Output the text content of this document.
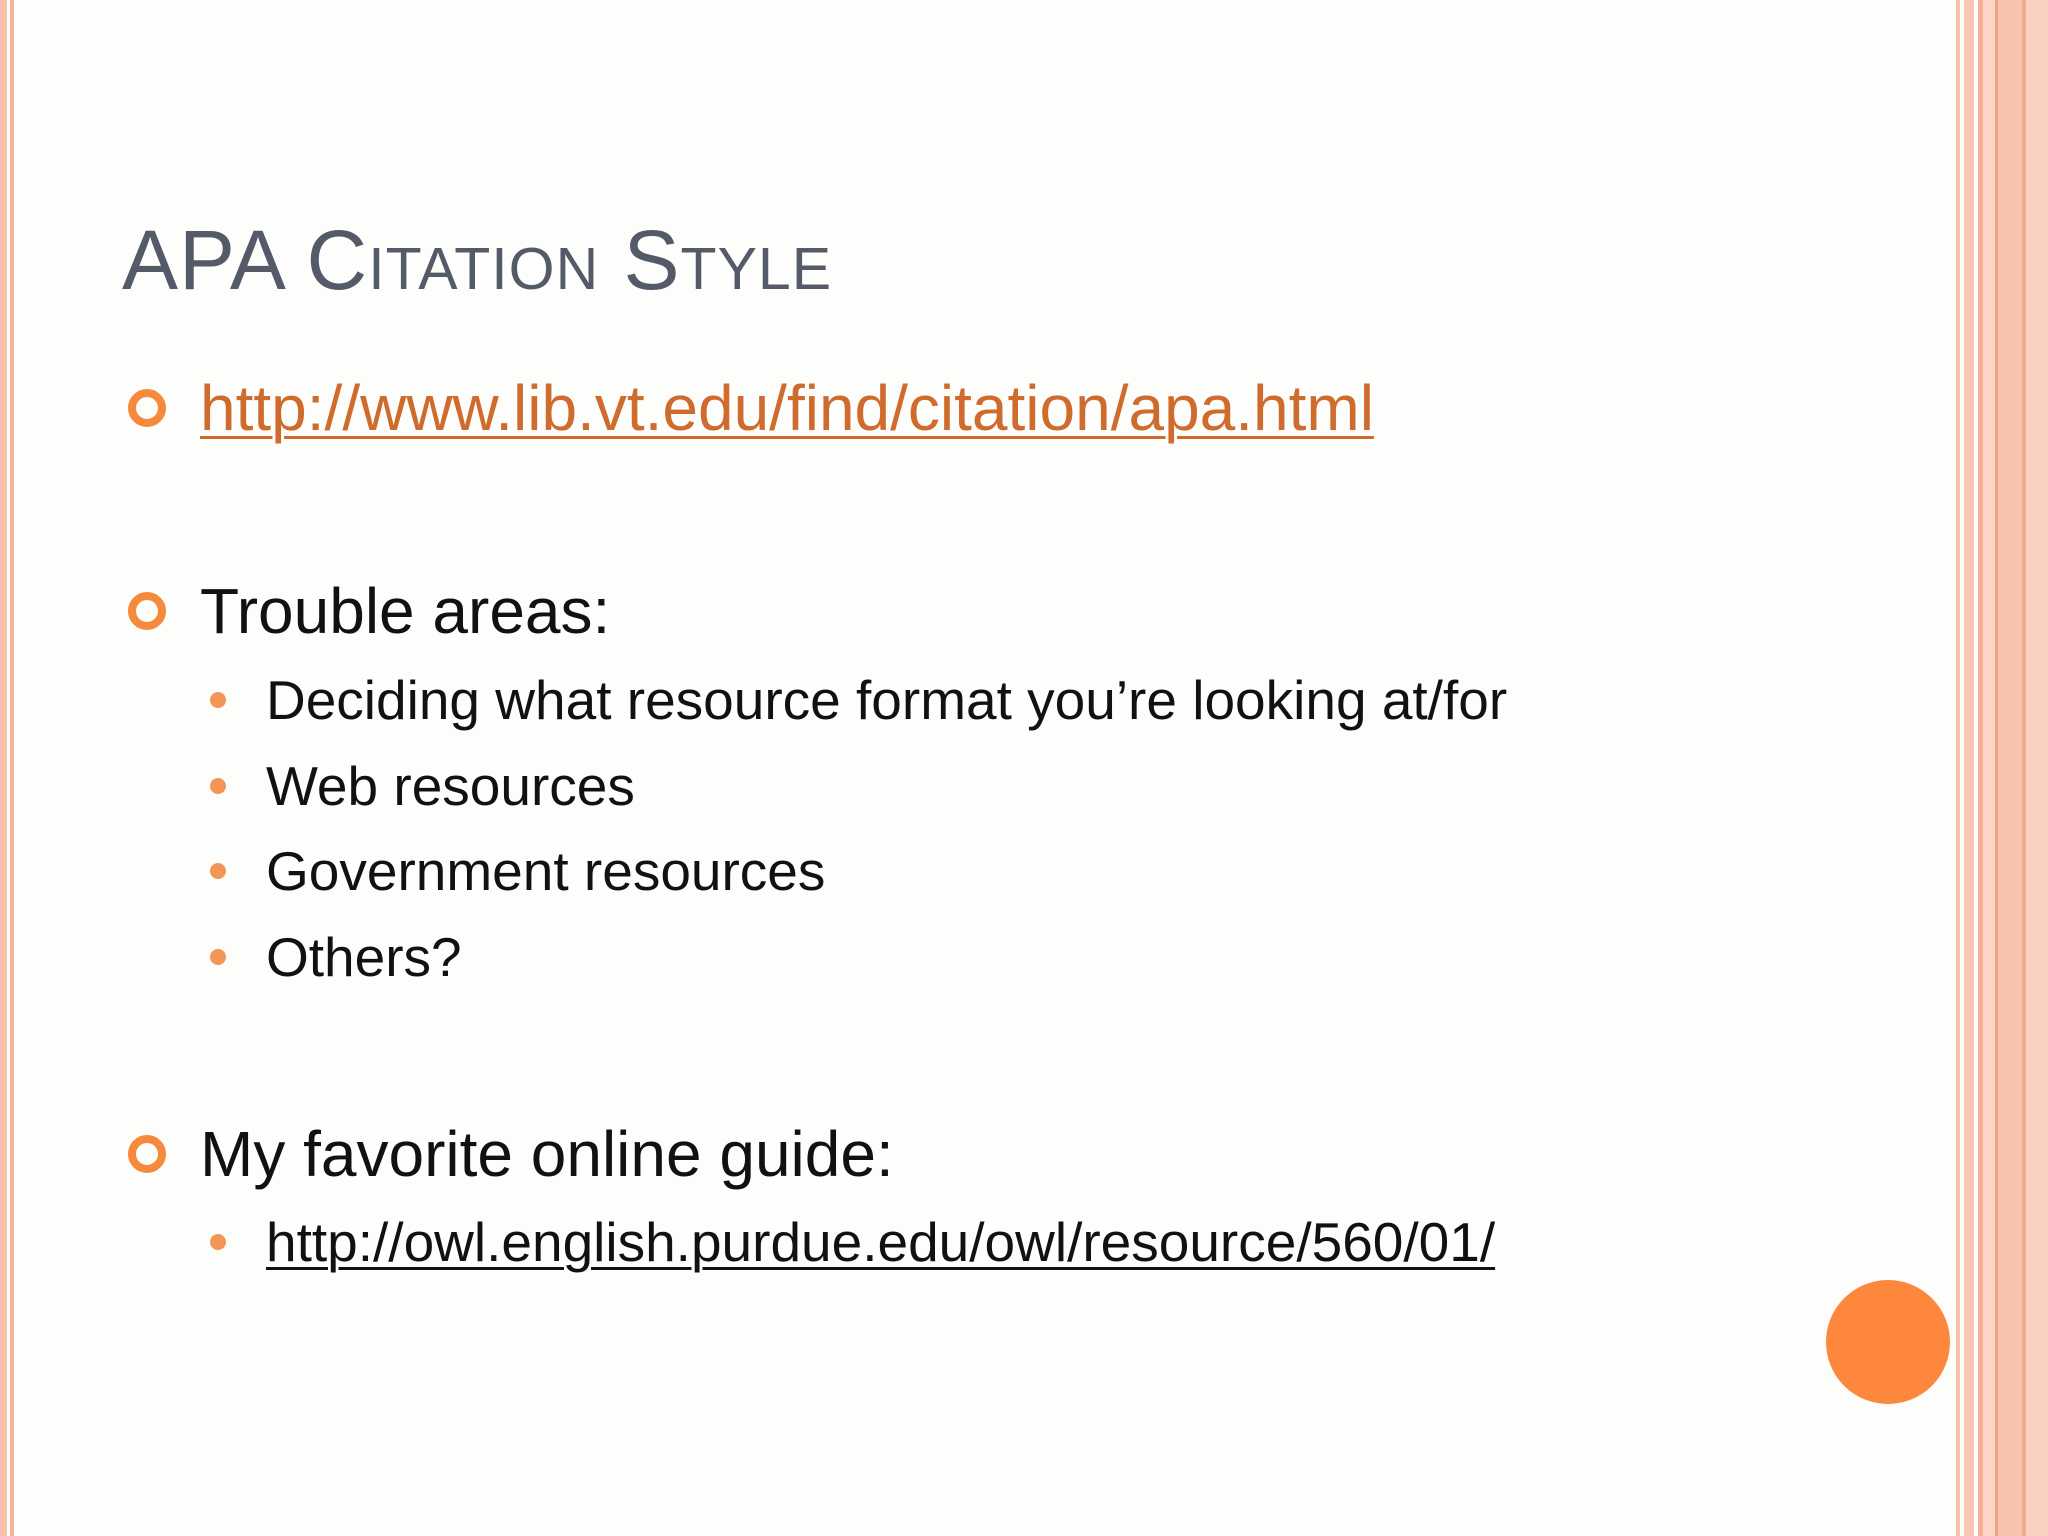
APA Citation Style
http://www.lib.vt.edu/find/citation/apa.html
Trouble areas:
Deciding what resource format you’re looking at/for
Web resources
Government resources
Others?
My favorite online guide:
http://owl.english.purdue.edu/owl/resource/560/01/
